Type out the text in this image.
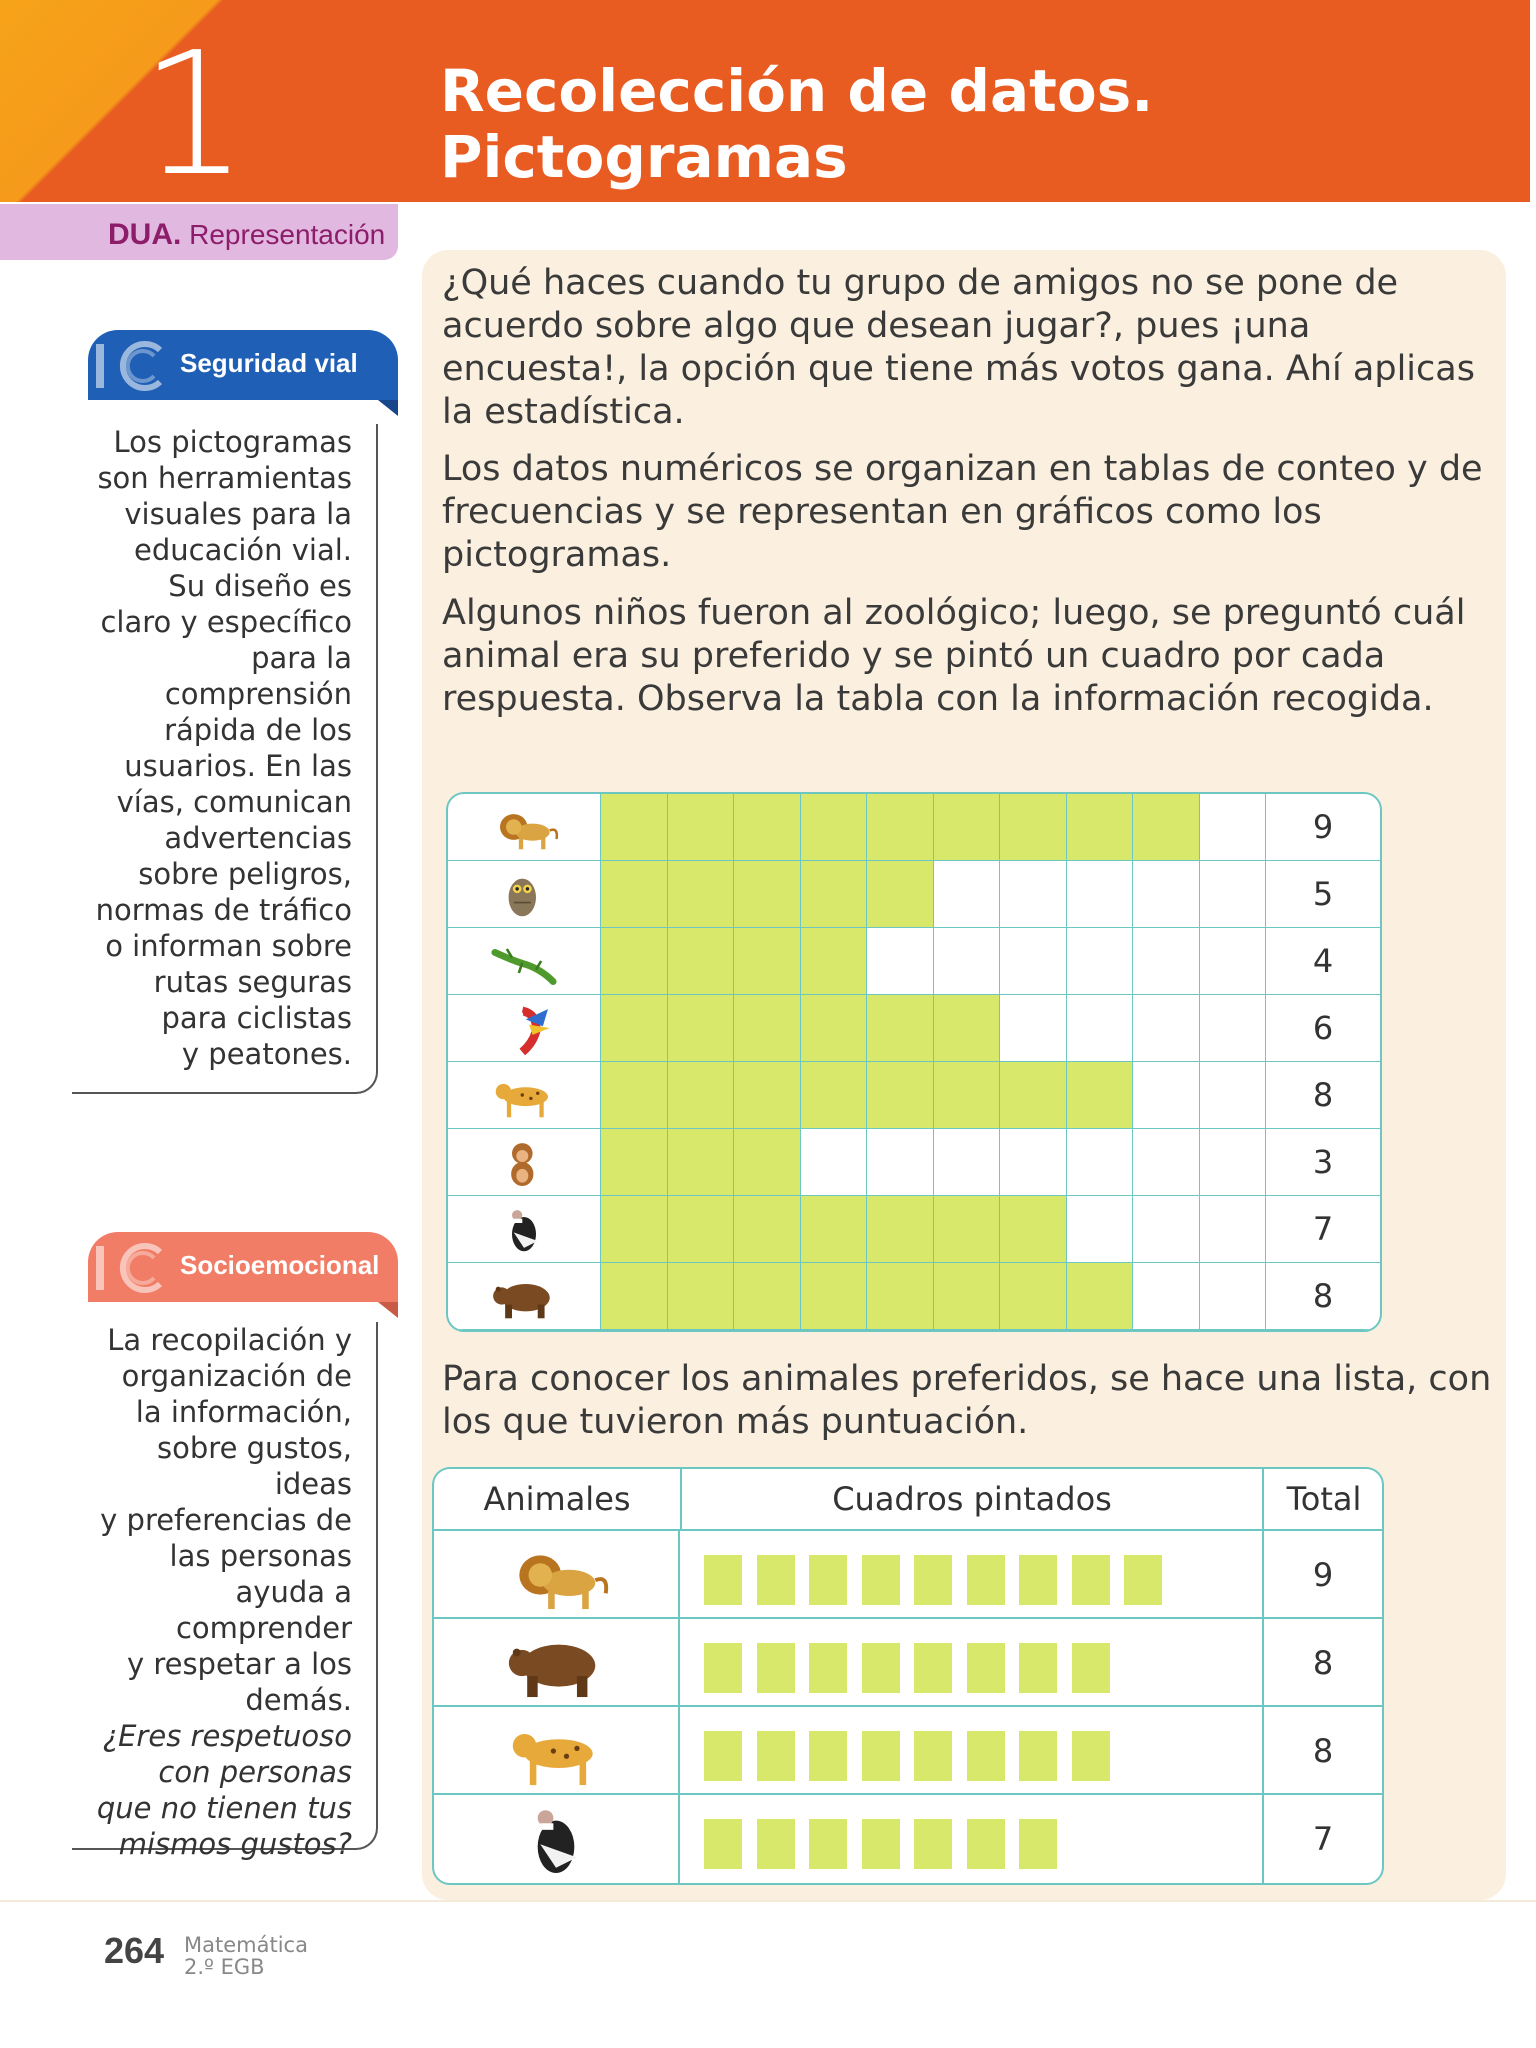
1	Recolección de datos.
Pictogramas
DUA. Representación
Seguridad vial
Los pictogramas
son herramientas
visuales para la
educación vial.
Su diseño es
claro y específico
para la
comprensión
rápida de los
usuarios. En las
vías, comunican
advertencias
sobre peligros,
normas de tráfico
o informan sobre
rutas seguras
para ciclistas
y peatones.
Socioemocional
La recopilación y
organización de
la información,
sobre gustos, ideas
y preferencias de
las personas
ayuda a
comprender
y respetar a los
demás.
¿Eres respetuoso
con personas
que no tienen tus
mismos gustos?
¿Qué haces cuando tu grupo de amigos no se pone de acuerdo sobre algo que desean jugar?, pues ¡una encuesta!, la opción que tiene más votos gana. Ahí aplicas la estadística.
Los datos numéricos se organizan en tablas de conteo y de frecuencias y se representan en gráficos como los pictogramas.
Algunos niños fueron al zoológico; luego, se preguntó cuál animal era su preferido y se pintó un cuadro por cada respuesta. Observa la tabla con la información recogida.
9
5
4
6
8
3
7
8
Para conocer los animales preferidos, se hace una lista, con los que tuvieron más puntuación.
Animales	Cuadros pintados	Total
9
8
8
7
264 Matemática
2.º EGB
